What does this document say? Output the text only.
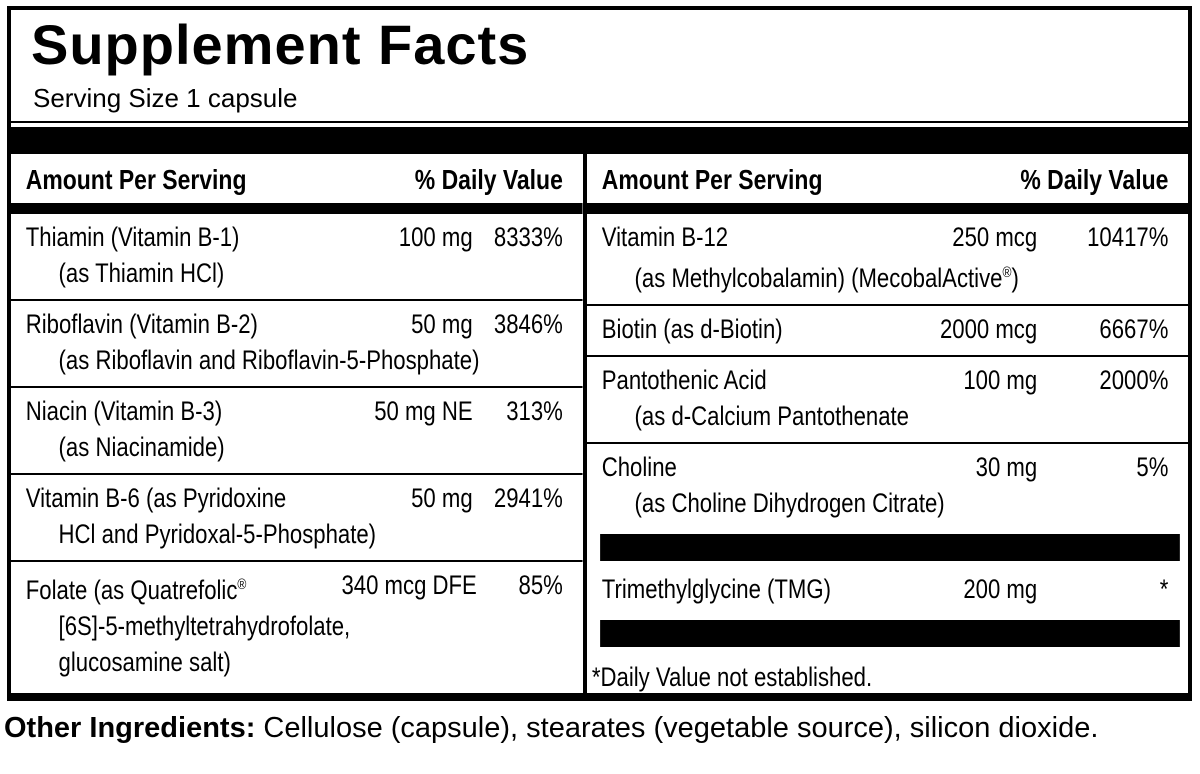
Supplement Facts
Serving Size 1 capsule
Amount Per Serving	% Daily Value
Thiamin (Vitamin B-1)	100 mg 8333%
(as Thiamin HCl)
Riboflavin (Vitamin B-2)	50 mg 3846%
(as Riboflavin and Riboflavin-5-Phosphate)
Niacin (Vitamin B-3)	50 mg NE	313%
(as Niacinamide)
Vitamin B-6 (as Pyridoxine	50 mg 2941%
HCl and Pyridoxal-5-Phosphate)
Folate (as Quatrefolic®	340 mcg DFE	85%
[6S]-5-methyltetrahydrofolate,
glucosamine salt)
Amount Per Serving	% Daily Value
Vitamin B-12	250 mcg	10417%
(as Methylcobalamin) (MecobalActive®)
Biotin (as d-Biotin)	2000 mcg	6667%
Pantothenic Acid	100 mg	2000%
(as d-Calcium Pantothenate
Choline	30 mg	5%
(as Choline Dihydrogen Citrate)
Trimethylglycine (TMG)	200 mg	*
*Daily Value not established.
Other Ingredients: Cellulose (capsule), stearates (vegetable source), silicon dioxide.
